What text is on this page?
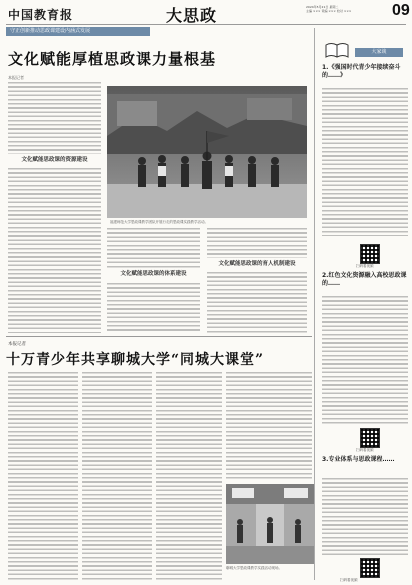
中国教育报	大思政	2024年5月21日 星期二
主编 ××× 责编 ××× 校对 ×××	09
守正创新推动思政课建设内涵式发展
文化赋能厚植思政课力量根基
本报记者
文化赋能思政课的资源建设
福建师范大学思政课教学团队开展行走的思政课实践教学活动。
文化赋能思政课的体系建设
文化赋能思政课的育人机制建设
本报记者
十万青少年共享聊城大学“同城大课堂”
聊城大学思政课教学实践活动现场。
大家谈
1.《强国时代青少年接续奋斗的……》
扫码看视频
2.红色文化资源融入高校思政课的……
扫码看视频
3.专业体系与思政课程……
扫码看视频
